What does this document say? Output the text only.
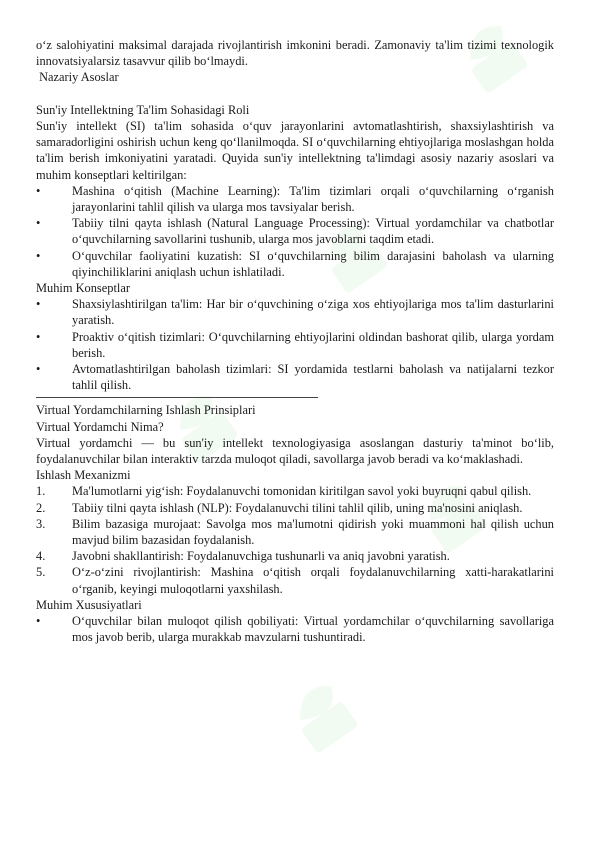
o‘z salohiyatini maksimal darajada rivojlantirish imkonini beradi. Zamonaviy ta'lim tizimi texnologik innovatsiyalarsiz tasavvur qilib bo‘lmaydi.

Nazariy Asoslar

Sun'iy Intellektning Ta'lim Sohasidagi Roli

Sun'iy intellekt (SI) ta'lim sohasida o‘quv jarayonlarini avtomatlashtirish, shaxsiylashtirish va samaradorligini oshirish uchun keng qo‘llanilmoqda. SI o‘quvchilarning ehtiyojlariga moslashgan holda ta'lim berish imkoniyatini yaratadi. Quyida sun'iy intellektning ta'limdagi asosiy nazariy asoslari va muhim konseptlari keltirilgan:

•	Mashina o‘qitish (Machine Learning): Ta'lim tizimlari orqali o‘quvchilarning o‘rganish jarayonlarini tahlil qilish va ularga mos tavsiyalar berish.

•	Tabiiy tilni qayta ishlash (Natural Language Processing): Virtual yordamchilar va chatbotlar o‘quvchilarning savollarini tushunib, ularga mos javoblarni taqdim etadi.

•	O‘quvchilar faoliyatini kuzatish: SI o‘quvchilarning bilim darajasini baholash va ularning qiyinchiliklarini aniqlash uchun ishlatiladi.

Muhim Konseptlar

•	Shaxsiylashtirilgan ta'lim: Har bir o‘quvchining o‘ziga xos ehtiyojlariga mos ta'lim dasturlarini yaratish.

•	Proaktiv o‘qitish tizimlari: O‘quvchilarning ehtiyojlarini oldindan bashorat qilib, ularga yordam berish.

•	Avtomatlashtirilgan baholash tizimlari: SI yordamida testlarni baholash va natijalarni tezkor tahlil qilish.

Virtual Yordamchilarning Ishlash Prinsiplari

Virtual Yordamchi Nima?

Virtual yordamchi — bu sun'iy intellekt texnologiyasiga asoslangan dasturiy ta'minot bo‘lib, foydalanuvchilar bilan interaktiv tarzda muloqot qiladi, savollarga javob beradi va ko‘maklashadi.

Ishlash Mexanizmi

1.	Ma'lumotlarni yig‘ish: Foydalanuvchi tomonidan kiritilgan savol yoki buyruqni qabul qilish.

2.	Tabiiy tilni qayta ishlash (NLP): Foydalanuvchi tilini tahlil qilib, uning ma'nosini aniqlash.

3.	Bilim bazasiga murojaat: Savolga mos ma'lumotni qidirish yoki muammoni hal qilish uchun mavjud bilim bazasidan foydalanish.

4.	Javobni shakllantirish: Foydalanuvchiga tushunarli va aniq javobni yaratish.

5.	O‘z-o‘zini rivojlantirish: Mashina o‘qitish orqali foydalanuvchilarning xatti-harakatlarini o‘rganib, keyingi muloqotlarni yaxshilash.

Muhim Xususiyatlari

•	O‘quvchilar bilan muloqot qilish qobiliyati: Virtual yordamchilar o‘quvchilarning savollariga mos javob berib, ularga murakkab mavzularni tushuntiradi.
